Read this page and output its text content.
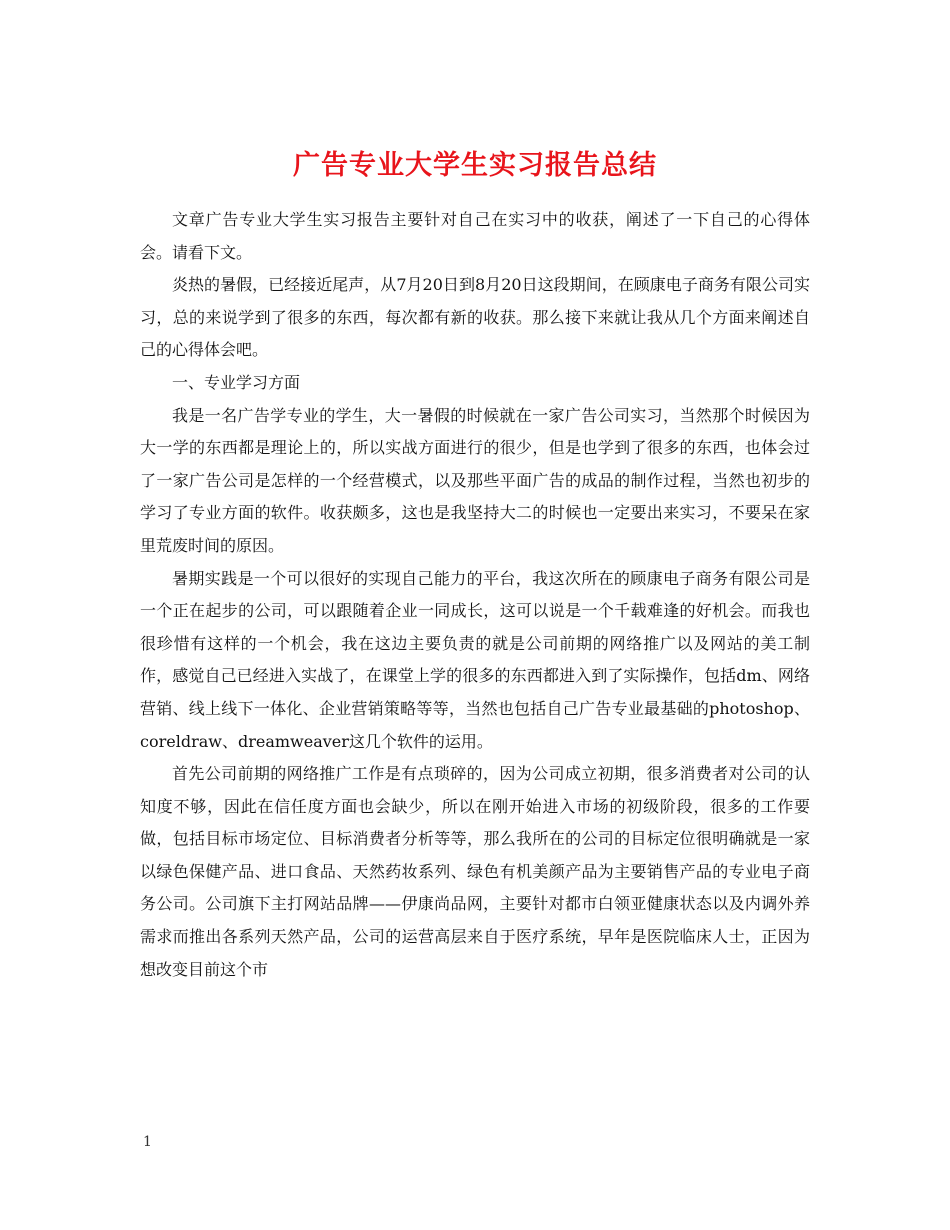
广告专业大学生实习报告总结

文章广告专业大学生实习报告主要针对自己在实习中的收获，阐述了一下自己的心得体会。请看下文。

炎热的暑假，已经接近尾声，从7月20日到8月20日这段期间，在顾康电子商务有限公司实习，总的来说学到了很多的东西，每次都有新的收获。那么接下来就让我从几个方面来阐述自己的心得体会吧。

一、专业学习方面

我是一名广告学专业的学生，大一暑假的时候就在一家广告公司实习，当然那个时候因为大一学的东西都是理论上的，所以实战方面进行的很少，但是也学到了很多的东西，也体会过了一家广告公司是怎样的一个经营模式，以及那些平面广告的成品的制作过程，当然也初步的学习了专业方面的软件。收获颇多，这也是我坚持大二的时候也一定要出来实习，不要呆在家里荒废时间的原因。

暑期实践是一个可以很好的实现自己能力的平台，我这次所在的顾康电子商务有限公司是一个正在起步的公司，可以跟随着企业一同成长，这可以说是一个千载难逢的好机会。而我也很珍惜有这样的一个机会，我在这边主要负责的就是公司前期的网络推广以及网站的美工制作，感觉自己已经进入实战了，在课堂上学的很多的东西都进入到了实际操作，包括dm、网络营销、线上线下一体化、企业营销策略等等，当然也包括自己广告专业最基础的photoshop、coreldraw、dreamweaver这几个软件的运用。

首先公司前期的网络推广工作是有点琐碎的，因为公司成立初期，很多消费者对公司的认知度不够，因此在信任度方面也会缺少，所以在刚开始进入市场的初级阶段，很多的工作要做，包括目标市场定位、目标消费者分析等等，那么我所在的公司的目标定位很明确就是一家以绿色保健产品、进口食品、天然药妆系列、绿色有机美颜产品为主要销售产品的专业电子商务公司。公司旗下主打网站品牌——伊康尚品网，主要针对都市白领亚健康状态以及内调外养需求而推出各系列天然产品，公司的运营高层来自于医疗系统，早年是医院临床人士，正因为想改变目前这个市

1
